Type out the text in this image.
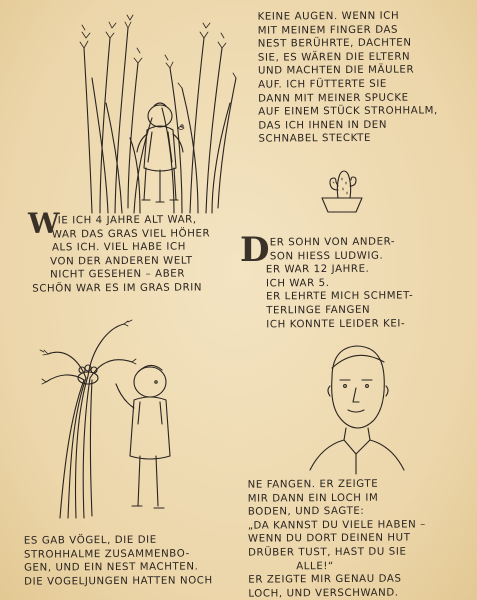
KEINE AUGEN. WENN ICH
MIT MEINEM FINGER DAS
NEST BERÜHRTE, DACHTEN
SIE, ES WÄREN DIE ELTERN
UND MACHTEN DIE MÄULER
AUF. ICH FÜTTERTE SIE
DANN MIT MEINER SPUCKE
AUF EINEM STÜCK STROHHALM,
DAS ICH IHNEN IN DEN
SCHNABEL STECKTE
W
IE ICH 4 JAHRE ALT WAR,
WAR DAS GRAS VIEL HÖHER
ALS ICH. VIEL HABE ICH
VON DER ANDEREN WELT
NICHT GESEHEN – ABER
SCHÖN WAR ES IM GRAS DRIN
D ER SOHN VON ANDER-
SON HIESS LUDWIG.
ER WAR 12 JAHRE.
ICH WAR 5.
ER LEHRTE MICH SCHMET-
TERLINGE FANGEN
ICH KONNTE LEIDER KEI-
ES GAB VÖGEL, DIE DIE
STROHHALME ZUSAMMENBO-
GEN, UND EIN NEST MACHTEN.
DIE VOGELJUNGEN HATTEN NOCH
NE FANGEN. ER ZEIGTE
MIR DANN EIN LOCH IM
BODEN, UND SAGTE:
„DA KANNST DU VIELE HABEN –
WENN DU DORT DEINEN HUT
DRÜBER TUST, HAST DU SIE
ALLE!“
ER ZEIGTE MIR GENAU DAS
LOCH, UND VERSCHWAND.
